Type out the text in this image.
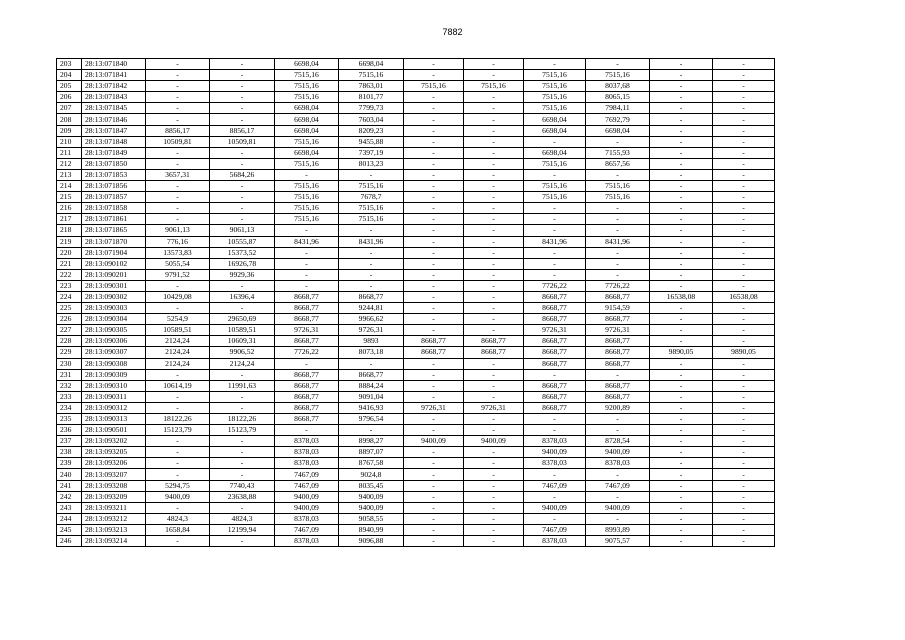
7882
203	28:13:071840	-	-	6698,04	6698,04	-	-	-	-	-	-
204	28:13:071841	-	-	7515,16	7515,16	-	-	7515,16	7515,16	-	-
205	28:13:071842	-	-	7515,16	7863,01	7515,16	7515,16	7515,16	8037,68	-	-
206	28:13:071843	-	-	7515,16	8101,77	-	-	7515,16	8065,15	-	-
207	28:13:071845	-	-	6698,04	7799,73	-	-	7515,16	7984,11	-	-
208	28:13:071846	-	-	6698,04	7603,04	-	-	6698,04	7692,79	-	-
209	28:13:071847	8856,17	8856,17	6698,04	8209,23	-	-	6698,04	6698,04	-	-
210	28:13:071848	10509,81	10509,81	7515,16	9455,88	-	-	-	-	-	-
211	28:13:071849	-	-	6698,04	7397,19	-	-	6698,04	7155,93	-	-
212	28:13:071850	-	-	7515,16	8013,23	-	-	7515,16	8657,56	-	-
213	28:13:071853	3657,31	5684,26	-	-	-	-	-	-	-	-
214	28:13:071856	-	-	7515,16	7515,16	-	-	7515,16	7515,16	-	-
215	28:13:071857	-	-	7515,16	7678,7	-	-	7515,16	7515,16	-	-
216	28:13:071858	-	-	7515,16	7515,16	-	-	-	-	-	-
217	28:13:071861	-	-	7515,16	7515,16	-	-	-	-	-	-
218	28:13:071865	9061,13	9061,13	-	-	-	-	-	-	-	-
219	28:13:071870	776,16	10555,87	8431,96	8431,96	-	-	8431,96	8431,96	-	-
220	28:13:071904	13573,83	15373,52	-	-	-	-	-	-	-	-
221	28:13:090102	5055,54	16926,78	-	-	-	-	-	-	-	-
222	28:13:090201	9791,52	9929,36	-	-	-	-	-	-	-	-
223	28:13:090301	-	-	-	-	-	-	7726,22	7726,22	-	-
224	28:13:090302	10429,08	16396,4	8668,77	8668,77	-	-	8668,77	8668,77	16538,08	16538,08
225	28:13:090303	-	-	8668,77	9244,81	-	-	8668,77	9154,59	-	-
226	28:13:090304	5254,9	29650,69	8668,77	9966,62	-	-	8668,77	8668,77	-	-
227	28:13:090305	10589,51	10589,51	9726,31	9726,31	-	-	9726,31	9726,31	-	-
228	28:13:090306	2124,24	10609,31	8668,77	9893	8668,77	8668,77	8668,77	8668,77	-	-
229	28:13:090307	2124,24	9906,52	7726,22	8073,18	8668,77	8668,77	8668,77	8668,77	9890,05	9890,05
230	28:13:090308	2124,24	2124,24	-	-	-	-	8668,77	8668,77	-	-
231	28:13:090309	-	-	8668,77	8668,77	-	-	-	-	-	-
232	28:13:090310	10614,19	11991,63	8668,77	8884,24	-	-	8668,77	8668,77	-	-
233	28:13:090311	-	-	8668,77	9091,04	-	-	8668,77	8668,77	-	-
234	28:13:090312	-	-	8668,77	9416,93	9726,31	9726,31	8668,77	9200,89	-	-
235	28:13:090313	18122,26	18122,26	8668,77	9796,54	-	-	-	-	-	-
236	28:13:090501	15123,79	15123,79	-	-	-	-	-	-	-	-
237	28:13:093202	-	-	8378,03	8998,27	9400,09	9400,09	8378,03	8728,54	-	-
238	28:13:093205	-	-	8378,03	8897,07	-	-	9400,09	9400,09	-	-
239	28:13:093206	-	-	8378,03	8767,58	-	-	8378,03	8378,03	-	-
240	28:13:093207	-	-	7467,09	9024,8	-	-	-	-	-	-
241	28:13:093208	5294,75	7740,43	7467,09	8035,45	-	-	7467,09	7467,09	-	-
242	28:13:093209	9400,09	23638,88	9400,09	9400,09	-	-	-	-	-	-
243	28:13:093211	-	-	9400,09	9400,09	-	-	9400,09	9400,09	-	-
244	28:13:093212	4824,3	4824,3	8378,03	9058,55	-	-	-	-	-	-
245	28:13:093213	1658,84	12199,94	7467,09	8940,99	-	-	7467,09	8993,89	-	-
246	28:13:093214	-	-	8378,03	9096,88	-	-	8378,03	9075,57	-	-
